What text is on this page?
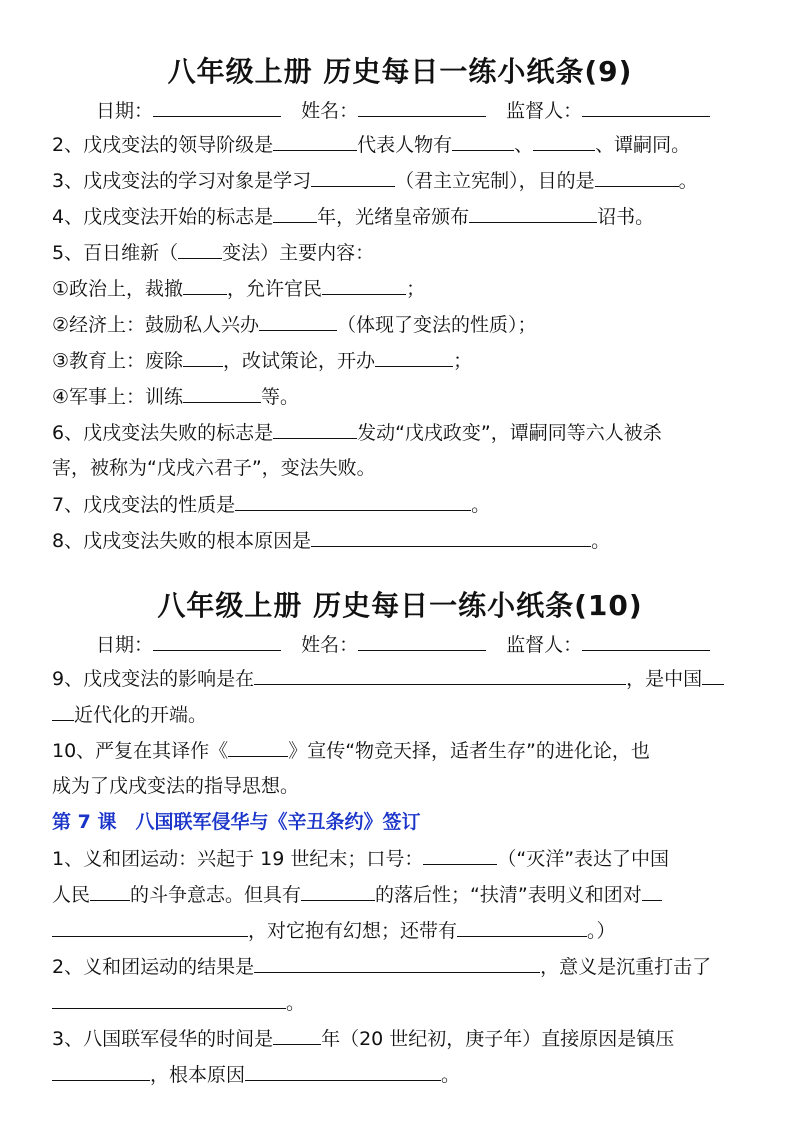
八年级上册 历史每日一练小纸条(9)
日期：	姓名：	监督人：
2、戊戌变法的领导阶级是	代表人物有	、	、谭嗣同。
3、戊戌变法的学习对象是学习	（君主立宪制），目的是	。
4、戊戌变法开始的标志是年，光绪皇帝颁布	诏书。
5、百日维新（ 变法）主要内容：
①政治上，裁撤 ，允许官民	；
②经济上：鼓励私人兴办	（体现了变法的性质）；
③教育上：废除 ，改试策论，开办	；
④军事上：训练	等。
6、戊戌变法失败的标志是	发动“戊戌政变”，谭嗣同等六人被杀
害，被称为“戊戌六君子”，变法失败。
7、戊戌变法的性质是	。
8、戊戌变法失败的根本原因是	。
八年级上册 历史每日一练小纸条(10)
日期：	姓名：	监督人：
9、戊戌变法的影响是在	，是中国
近代化的开端。
10、严复在其译作《	》宣传“物竞天择，适者生存”的进化论，也
成为了戊戌变法的指导思想。
第 7 课　八国联军侵华与《辛丑条约》签订
1、义和团运动：兴起于 19 世纪末；口号：	（“灭洋”表达了中国
人民 的斗争意志。但具有	的落后性；“扶清”表明义和团对
，对它抱有幻想；还带有	。）
2、义和团运动的结果是	，意义是沉重打击了
。
3、八国联军侵华的时间是	年（20 世纪初，庚子年）直接原因是镇压
，根本原因	。
